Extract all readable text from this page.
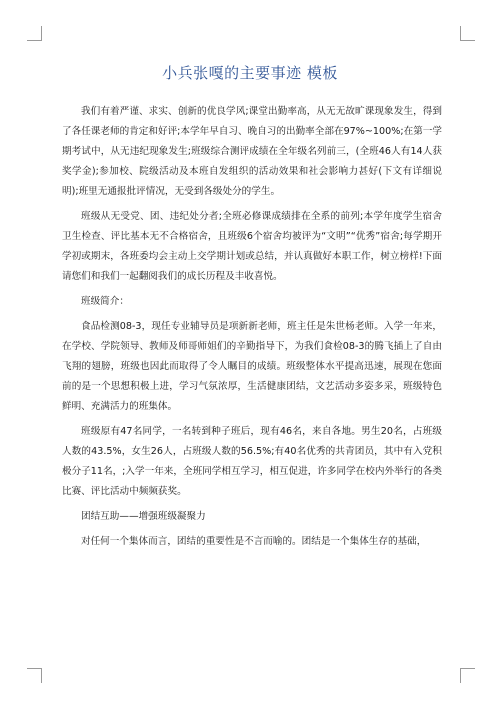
小兵张嘎的主要事迹 模板

我们有着严谨、求实、创新的优良学风;课堂出勤率高，从无无故旷课现象发生，得到了各任课老师的肯定和好评;本学年早自习、晚自习的出勤率全部在97%~100%;在第一学期考试中，从无违纪现象发生;班级综合测评成绩在全年级名列前三，(全班46人有14人获奖学金);参加校、院级活动及本班自发组织的活动效果和社会影响力甚好(下文有详细说明);班里无通报批评情况，无受到各级处分的学生。

班级从无受党、团、违纪处分者;全班必修课成绩排在全系的前列;本学年度学生宿舍卫生检查、评比基本无不合格宿舍，且班级6个宿舍均被评为“文明”“优秀”宿舍;每学期开学初或期末，各班委均会主动上交学期计划或总结，并认真做好本职工作，树立榜样!下面请您们和我们一起翻阅我们的成长历程及丰收喜悦。

班级简介：

食品检测08-3，现任专业辅导员是项新新老师，班主任是朱世杨老师。入学一年来，在学校、学院领导、教师及师哥师姐们的辛勤指导下，为我们食检08-3的腾飞插上了自由飞翔的翅膀，班级也因此而取得了令人瞩目的成绩。班级整体水平提高迅速，展现在您面前的是一个思想积极上进，学习气氛浓厚，生活健康团结，文艺活动多姿多采，班级特色鲜明、充满活力的班集体。

班级原有47名同学，一名转到种子班后，现有46名，来自各地。男生20名，占班级人数的43.5%，女生26人，占班级人数的56.5%;有40名优秀的共青团员，其中有入党积极分子11名，;入学一年来，全班同学相互学习，相互促进，许多同学在校内外举行的各类比赛、评比活动中频频获奖。

团结互助——增强班级凝聚力

对任何一个集体而言，团结的重要性是不言而喻的。团结是一个集体生存的基础，
